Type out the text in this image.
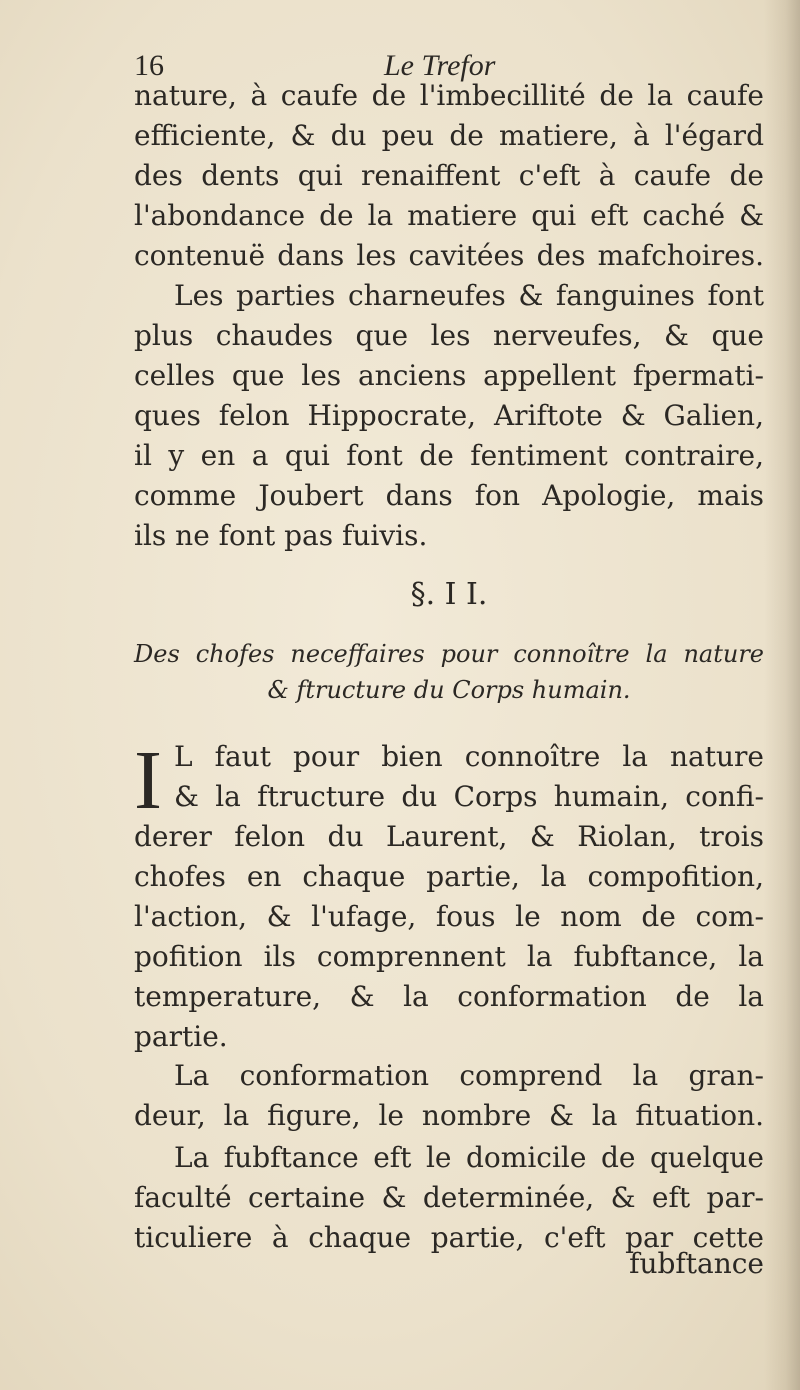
16	Le Trefor
nature, à caufe de l'imbecillité de la caufe
efficiente, & du peu de matiere, à l'égard
des dents qui renaiffent c'eft à caufe de
l'abondance de la matiere qui eft caché &
contenuë dans les cavitées des mafchoires.
Les parties charneufes & fanguines font
plus chaudes que les nerveufes, & que
celles que les anciens appellent fpermati-
ques felon Hippocrate, Ariftote & Galien,
il y en a qui font de fentiment contraire,
comme Joubert dans fon Apologie, mais
ils ne font pas fuivis.
§. I I.
Des chofes neceffaires pour connoître la nature
& ftructure du Corps humain.
I L faut pour bien connoître la nature
& la ftructure du Corps humain, confi-
derer felon du Laurent, & Riolan, trois
chofes en chaque partie, la compofition,
l'action, & l'ufage, fous le nom de com-
pofition ils comprennent la fubftance, la
temperature, & la conformation de la
partie.
La conformation comprend la gran-
deur, la figure, le nombre & la fituation.
La fubftance eft le domicile de quelque
faculté certaine & determinée, & eft par-
ticuliere à chaque partie, c'eft par cette
fubftance
